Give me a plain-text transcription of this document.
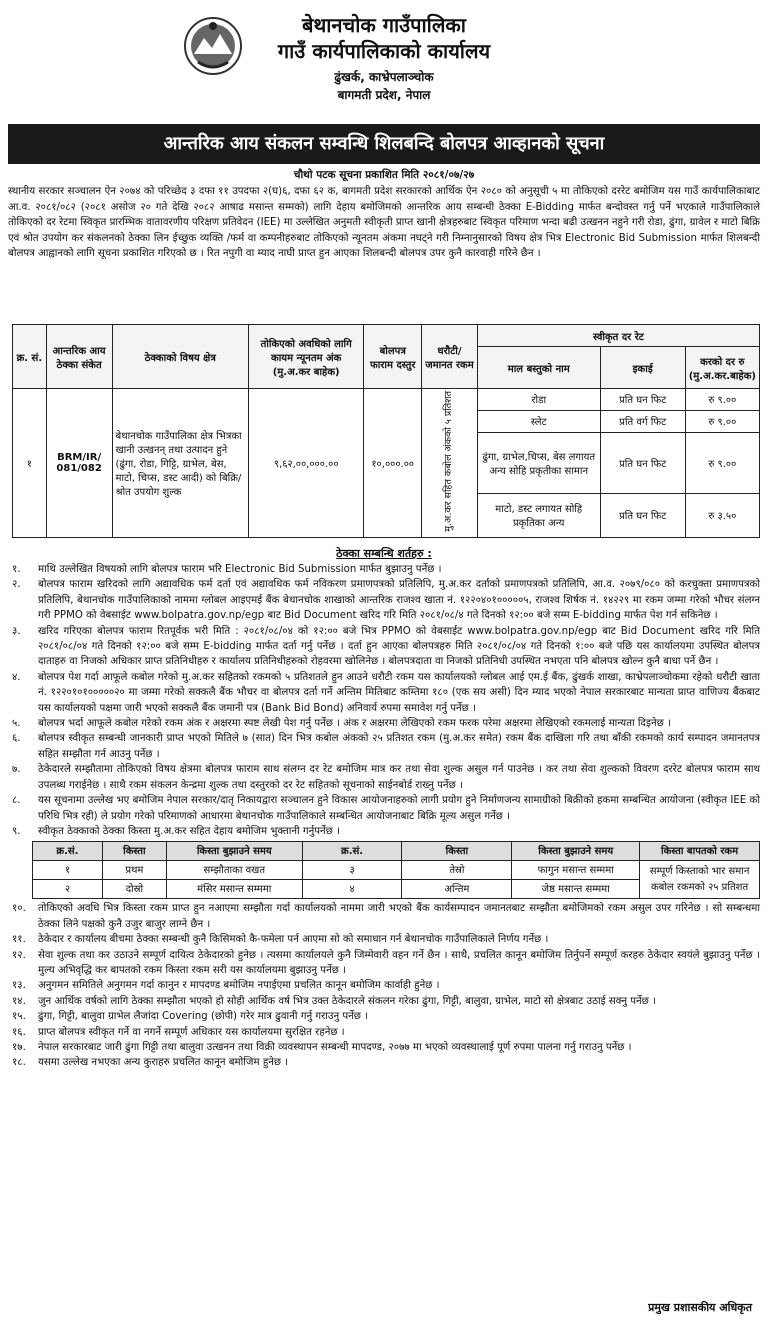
बेथानचोक गाउँपालिका
गाउँ कार्यपालिकाको कार्यालय
ढुंखर्क, काभ्रेपलाञ्चोक
बागमती प्रदेश, नेपाल
आन्तरिक आय संकलन सम्वन्धि शिलबन्दि बोलपत्र आव्हानको सूचना
चौथो पटक सूचना प्रकाशित मिति २०८१/०७/२७
स्थानीय सरकार सञ्चालन ऐन २०७४ को परिच्छेद ३ दफा ११ उपदफा २(घ)६, दफा ६२ क, बागमती प्रदेश सरकारको आर्थिक ऐन २०८० को अनुसूची ५ मा तोकिएको दररेट बमोजिम यस गाउँ कार्यपालिकाबाट आ.व. २०८१/०८२ (२०८१ असोज २० गते देखि २०८२ आषाढ मसान्त सम्मको) लागि देहाय बमोजिमको आन्तरिक आय सम्बन्धी ठेक्का E-Bidding मार्फत बन्दोवस्त गर्नु पर्ने भएकाले गाउँपालिकाले तोकिएको दर रेटमा स्विकृत प्रारम्भिक वातावरणीय परिक्षण प्रतिवेदन (IEE) मा उल्लेखित अनुमती स्वीकृती प्राप्त खानी क्षेत्रहरुबाट स्विकृत परिमाण भन्दा बढी उत्खनन नहुने गरी रोडा, ढुंगा, ग्रावेल र माटो बिक्रि एवं श्रोत उपयोग कर संकलनको ठेक्का लिन ईच्छुक व्यक्ति /फर्म वा कम्पनीहरुबाट तोकिएको न्यूनतम अंकमा नघट्ने गरी निम्नानुसारको विषय क्षेत्र भित्र Electronic Bid Submission मार्फत शिलबन्दी बोलपत्र आह्वानको लागि सूचना प्रकाशित गरिएको छ । रित नपुगी वा म्याद नाघी प्राप्त हुन आएका शिलबन्दी बोलपत्र उपर कुनै कारवाही गरिने छैन ।
क्र. सं.	आन्तरिक आय ठेक्का संकेत	ठेक्काको विषय क्षेत्र	तोकिएको अवधिको लागि कायम न्यूनतम अंक (मु.अ.कर बाहेक)	बोलपत्र फाराम दस्तुर	धरौटी/ जमानत रकम	स्वीकृत दर रेट		
						माल बस्तुको नाम	इकाई	करको दर रु (मु.अ.कर.बाहेक)
१	BRM/IR/ 081/082	बेथानचोक गाउँपालिका क्षेत्र भित्रका खानी उत्खनन् तथा उत्पादन हुने (ढुंगा, रोडा, गिट्टि, ग्राभेल, बेस, माटो, चिप्स, डस्ट आदी) को बिक्रि/श्रोत उपयोग शुल्क	९,६२,००,०००.००	१०,०००.००	मु.अ.कर सहित कबोल अंकको ५ प्रतिशत	रोडा	प्रति घन फिट	रु ९.००
						स्लेट	प्रति वर्ग फिट	रु ९.००
						ढुंगा, ग्राभेल,चिप्स, बेस लगायत अन्य सोहि प्रकृतीका सामान	प्रति घन फिट	रु ९.००
						माटो, डस्ट लगायत सोहि प्रकृतिका अन्य	प्रति घन फिट	रु ३.५०
ठेक्का सम्बन्धि शर्तहरु :
१.	माथि उल्लेखित विषयको लागि बोलपत्र फाराम भरि Electronic Bid Submission मार्फत बुझाउनु पर्नेछ ।
२.	बोलपत्र फाराम खरिदको लागि अद्यावधिक फर्म दर्ता एवं अद्यावधिक फर्म नविकरण प्रमाणपत्रको प्रतिलिपि, मु.अ.कर दर्ताको प्रमाणपत्रको प्रतिलिपि, आ.व. २०७९/०८० को करचुक्ता प्रमाणपत्रको प्रतिलिपि, बेथानचोक गाउँपालिकाको नाममा ग्लोबल आइएमई बैंक बेथानचोक शाखाको आन्तरिक राजश्व खाता नं. १२२०४०१०००००५, राजश्व शिर्षक नं. १४२२९ मा रकम जम्मा गरेको भौचर संलग्न गरी PPMO को वेबसाईट www.bolpatra.gov.np/egp बाट Bid Document खरिद गरि मिति २०८१/०८/४ गते दिनको १२:०० बजे सम्म E-bidding मार्फत पेश गर्न सकिनेछ ।
३.	खरिद गरिएका बोलपत्र फाराम रितपूर्वक भरी मिति : २०८१/०८/०४ को १२:०० बजे भित्र PPMO को वेबसाईट www.bolpatra.gov.np/egp बाट Bid Document खरिद गरि मिति २०८१/०८/०४ गते दिनको १२:०० बजे सम्म E-bidding मार्फत दर्ता गर्नु पर्नेछ । दर्ता हुन आएका बोलपत्रहरु मिति २०८१/०८/०४ गते दिनको १:०० बजे पछि यस कार्यालयमा उपस्थित बोलपत्र दाताहरु वा निजको अधिकार प्राप्त प्रतिनिधीहरु र कार्यालय प्रतिनिधीहरुको रोहवरमा खोलिनेछ । बोलपत्रदाता वा निजको प्रतिनिधी उपस्थित नभएता पनि बोलपत्र खोल्न कुनै बाधा पर्ने छैन ।
४.	बोलपत्र पेश गर्दा आफूले कबोल गरेको मु.अ.कर सहितको रकमको ५ प्रतिशतले हुन आउने धरौटी रकम यस कार्यालयको ग्लोबल आई एम.ई बैंक, ढुंखर्क शाखा, काभ्रेपलाञ्चोकमा रहेको धरौटी खाता नं. १२२०१०१०००००२० मा जम्मा गरेको सक्कलै बैंक भौचर वा बोलपत्र दर्ता गर्ने अन्तिम मितिबाट कम्तिमा १८० (एक सय असी) दिन म्याद भएको नेपाल सरकारबाट मान्यता प्राप्त वाणिज्य बैंकबाट यस कार्यालयको पक्षमा जारी भएको सक्कलै बैंक जमानी पत्र (Bank Bid Bond) अनिवार्य रुपमा समावेश गर्नु पर्नेछ ।
५.	बोलपत्र भर्दा आफूले कबोल गरेको रकम अंक र अक्षरमा स्पष्ट लेखी पेश गर्नु पर्नेछ । अंक र अक्षरमा लेखिएको रकम फरक परेमा अक्षरमा लेखिएको रकमलाई मान्यता दिइनेछ ।
६.	बोलपत्र स्वीकृत सम्बन्धी जानकारी प्राप्त भएको मितिले ७ (सात) दिन भित्र कबोल अंकको २५ प्रतिशत रकम (मु.अ.कर समेत) रकम बैंक दाखिला गरि तथा बाँकी रकमको कार्य सम्पादन जमानतपत्र सहित सम्झौता गर्न आउनु पर्नेछ ।
७.	ठेकेदारले सम्झौतामा तोकिएको विषय क्षेत्रमा बोलपत्र फाराम साथ संलग्न दर रेट बमोजिम मात्र कर तथा सेवा शुल्क असुल गर्न पाउनेछ । कर तथा सेवा शुल्कको विवरण दररेट बोलपत्र फाराम साथ उपलब्ध गराईनेछ । साथै रकम संकलन केन्द्रमा शुल्क तथा दस्तुरको दर रेट सहितको सूचनाको साईनबोर्ड राख्नु पर्नेछ ।
८.	यस सूचनामा उल्लेख भए बमोजिम नेपाल सरकार/दातृ निकायद्वारा सञ्चालन हुने विकास आयोजनाहरुको लागी प्रयोग हुने निर्माणजन्य सामाग्रीको बिक्रीको हकमा सम्बन्धित आयोजना (स्वीकृत IEE को परिधि भित्र रही) ले प्रयोग गरेको परिमाणको आधारमा बेथानचोक गाउँपालिकाले सम्बन्धित आयोजनाबाट बिक्रि मूल्य असुल गर्नेछ ।
९.	स्वीकृत ठेक्काको ठेक्का किस्ता मु.अ.कर सहित देहाय बमोजिम भुक्तानी गर्नुपर्नेछ ।
क्र.सं.	किस्ता	किस्ता बुझाउने समय	क्र.सं.	किस्ता	किस्ता बुझाउने समय	किस्ता बापतको रकम
१	प्रथम	सम्झौताका वखत	३	तेस्रो	फागुन मसान्त सम्ममा	सम्पूर्ण किस्ताको भार समान कबोल रकमको २५ प्रतिशत
२	दोस्रो	मंसिर मसान्त सम्ममा	४	अन्तिम	जेष्ठ मसान्त सम्ममा	
१०.	तोकिएको अवधि भित्र किस्ता रकम प्राप्त हुन नआएमा सम्झौता गर्दा कार्यालयको नाममा जारी भएको बैंक कार्यसम्पादन जमानतबाट सम्झौता बमोजिमको रकम असुल उपर गरिनेछ । सो सम्बन्धमा ठेक्का लिने पक्षको कुनै उजुर बाजुर लाग्ने छैन ।
११.	ठेकेदार र कार्यालय बीचमा ठेक्का सम्बन्धी कुनै किसिमको कै-फमेला पर्न आएमा सो को समाधान गर्न बेथानचोक गाउँपालिकाले निर्णय गर्नेछ ।
१२.	सेवा शुल्क तथा कर उठाउने सम्पूर्ण दायित्व ठेकेदारको हुनेछ । त्यसमा कार्यालयले कुनै जिम्मेवारी वहन गर्ने छैन । साथै, प्रचलित कानून बमोजिम तिर्नुपर्ने सम्पूर्ण करहरु ठेकेदार स्वयंले बुझाउनु पर्नेछ । मुल्य अभिवृद्धि कर बापतको रकम किस्ता रकम सरी यस कार्यालयमा बुझाउनु पर्नेछ ।
१३.	अनुगमन समितिले अनुगमन गर्दा कानुन र मापदण्ड बमोजिम नपाईएमा प्रचलित कानून बमोजिम कार्वाही हुनेछ ।
१४.	जुन आर्थिक वर्षको लागि ठेक्का सम्झौता भएको हो सोही आर्थिक वर्ष भित्र उक्त ठेकेदारले संकलन गरेका ढुंगा, गिट्टी, बालुवा, ग्राभेल, माटो सो क्षेत्रबाट उठाई सक्नु पर्नेछ ।
१५.	ढुंगा, गिट्टी, बालुवा ग्राभेल लैजांदा Covering (छोपी) गरेर मात्र ढुवानी गर्नु गराउनु पर्नेछ ।
१६.	प्राप्त बोलपत्र स्वीकृत गर्ने वा नगर्ने सम्पूर्ण अधिकार यस कार्यालयमा सुरक्षित रहनेछ ।
१७.	नेपाल सरकारबाट जारी ढुंगा गिट्टी तथा बालुवा उत्खनन तथा विक्री व्यवस्थापन सम्बन्धी मापदण्ड, २०७७ मा भएको व्यवस्थालाई पूर्ण रुपमा पालना गर्नु गराउनु पर्नेछ ।
१८.	यसमा उल्लेख नभएका अन्य कुराहरु प्रचलित कानून बमोजिम हुनेछ ।
प्रमुख प्रशासकीय अधिकृत
